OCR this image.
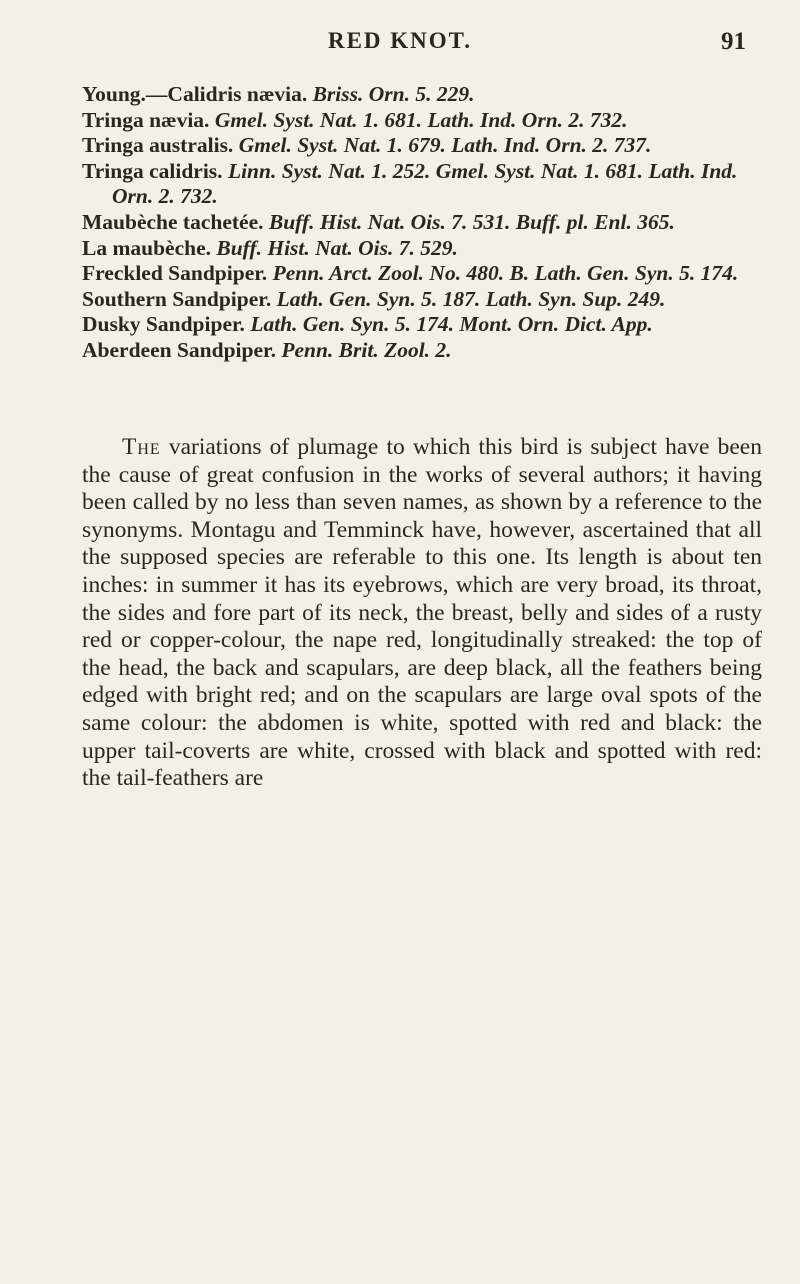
RED KNOT.	91

Young.—Calidris nævia. Briss. Orn. 5. 229.

Tringa nævia. Gmel. Syst. Nat. 1. 681. Lath. Ind. Orn. 2. 732.

Tringa australis. Gmel. Syst. Nat. 1. 679. Lath. Ind. Orn. 2. 737.

Tringa calidris. Linn. Syst. Nat. 1. 252. Gmel. Syst. Nat. 1. 681. Lath. Ind. Orn. 2. 732.

Maubèche tachetée. Buff. Hist. Nat. Ois. 7. 531. Buff. pl. Enl. 365.

La maubèche. Buff. Hist. Nat. Ois. 7. 529.

Freckled Sandpiper. Penn. Arct. Zool. No. 480. B. Lath. Gen. Syn. 5. 174.

Southern Sandpiper. Lath. Gen. Syn. 5. 187. Lath. Syn. Sup. 249.

Dusky Sandpiper. Lath. Gen. Syn. 5. 174. Mont. Orn. Dict. App.

Aberdeen Sandpiper. Penn. Brit. Zool. 2.

The variations of plumage to which this bird is subject have been the cause of great confusion in the works of several authors; it having been called by no less than seven names, as shown by a reference to the synonyms. Montagu and Temminck have, however, ascertained that all the supposed species are referable to this one. Its length is about ten inches: in summer it has its eyebrows, which are very broad, its throat, the sides and fore part of its neck, the breast, belly and sides of a rusty red or copper-colour, the nape red, longitudinally streaked: the top of the head, the back and scapulars, are deep black, all the feathers being edged with bright red; and on the scapulars are large oval spots of the same colour: the abdomen is white, spotted with red and black: the upper tail-coverts are white, crossed with black and spotted with red: the tail-feathers are
